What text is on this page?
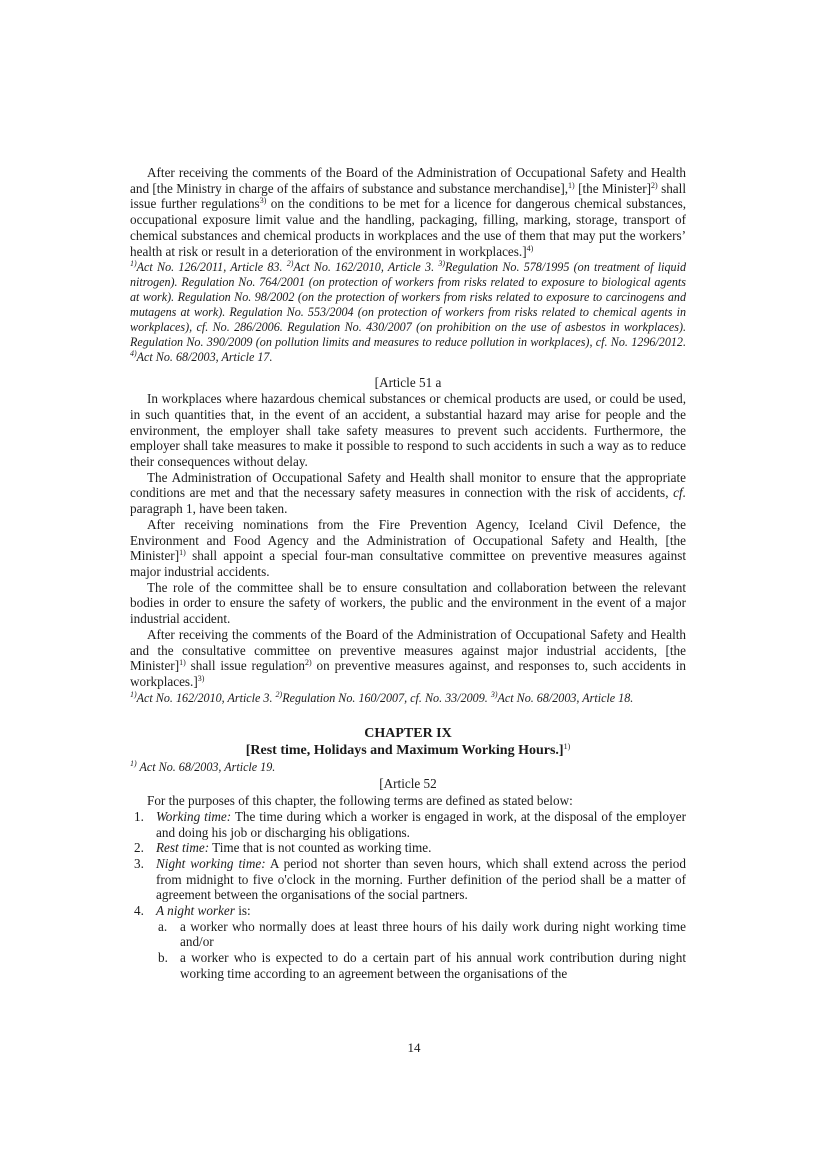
After receiving the comments of the Board of the Administration of Occupational Safety and Health and [the Ministry in charge of the affairs of substance and substance merchandise],$^{1)}$ [the Minister]$^{2)}$ shall issue further regulations$^{3)}$ on the conditions to be met for a licence for dangerous chemical substances, occupational exposure limit value and the handling, packaging, filling, marking, storage, transport of chemical substances and chemical products in workplaces and the use of them that may put the workers’ health at risk or result in a deterioration of the environment in workplaces.]$^{4)}$

$^{1)}$Act No. 126/2011, Article 83. $^{2)}$Act No. 162/2010, Article 3. $^{3)}$Regulation No. 578/1995 (on treatment of liquid nitrogen). Regulation No. 764/2001 (on protection of workers from risks related to exposure to biological agents at work). Regulation No. 98/2002 (on the protection of workers from risks related to exposure to carcinogens and mutagens at work). Regulation No. 553/2004 (on protection of workers from risks related to chemical agents in workplaces), cf. No. 286/2006. Regulation No. 430/2007 (on prohibition on the use of asbestos in workplaces). Regulation No. 390/2009 (on pollution limits and measures to reduce pollution in workplaces), cf. No. 1296/2012. $^{4)}$Act No. 68/2003, Article 17.

[Article 51 a

In workplaces where hazardous chemical substances or chemical products are used, or could be used, in such quantities that, in the event of an accident, a substantial hazard may arise for people and the environment, the employer shall take safety measures to prevent such accidents. Furthermore, the employer shall take measures to make it possible to respond to such accidents in such a way as to reduce their consequences without delay.

The Administration of Occupational Safety and Health shall monitor to ensure that the appropriate conditions are met and that the necessary safety measures in connection with the risk of accidents, cf. paragraph 1, have been taken.

After receiving nominations from the Fire Prevention Agency, Iceland Civil Defence, the Environment and Food Agency and the Administration of Occupational Safety and Health, [the Minister]$^{1)}$ shall appoint a special four-man consultative committee on preventive measures against major industrial accidents.

The role of the committee shall be to ensure consultation and collaboration between the relevant bodies in order to ensure the safety of workers, the public and the environment in the event of a major industrial accident.

After receiving the comments of the Board of the Administration of Occupational Safety and Health and the consultative committee on preventive measures against major industrial accidents, [the Minister]$^{1)}$ shall issue regulation$^{2)}$ on preventive measures against, and responses to, such accidents in workplaces.]$^{3)}$

$^{1)}$Act No. 162/2010, Article 3. $^{2)}$Regulation No. 160/2007, cf. No. 33/2009. $^{3)}$Act No. 68/2003, Article 18.

CHAPTER IX

[Rest time, Holidays and Maximum Working Hours.]$^{1)}$

$^{1)}$ Act No. 68/2003, Article 19.

[Article 52

For the purposes of this chapter, the following terms are defined as stated below:

1. Working time: The time during which a worker is engaged in work, at the disposal of the employer and doing his job or discharging his obligations.
2. Rest time: Time that is not counted as working time.
3. Night working time: A period not shorter than seven hours, which shall extend across the period from midnight to five o'clock in the morning. Further definition of the period shall be a matter of agreement between the organisations of the social partners.
4. A night worker is:
a. a worker who normally does at least three hours of his daily work during night working time and/or
b. a worker who is expected to do a certain part of his annual work contribution during night working time according to an agreement between the organisations of the
14
